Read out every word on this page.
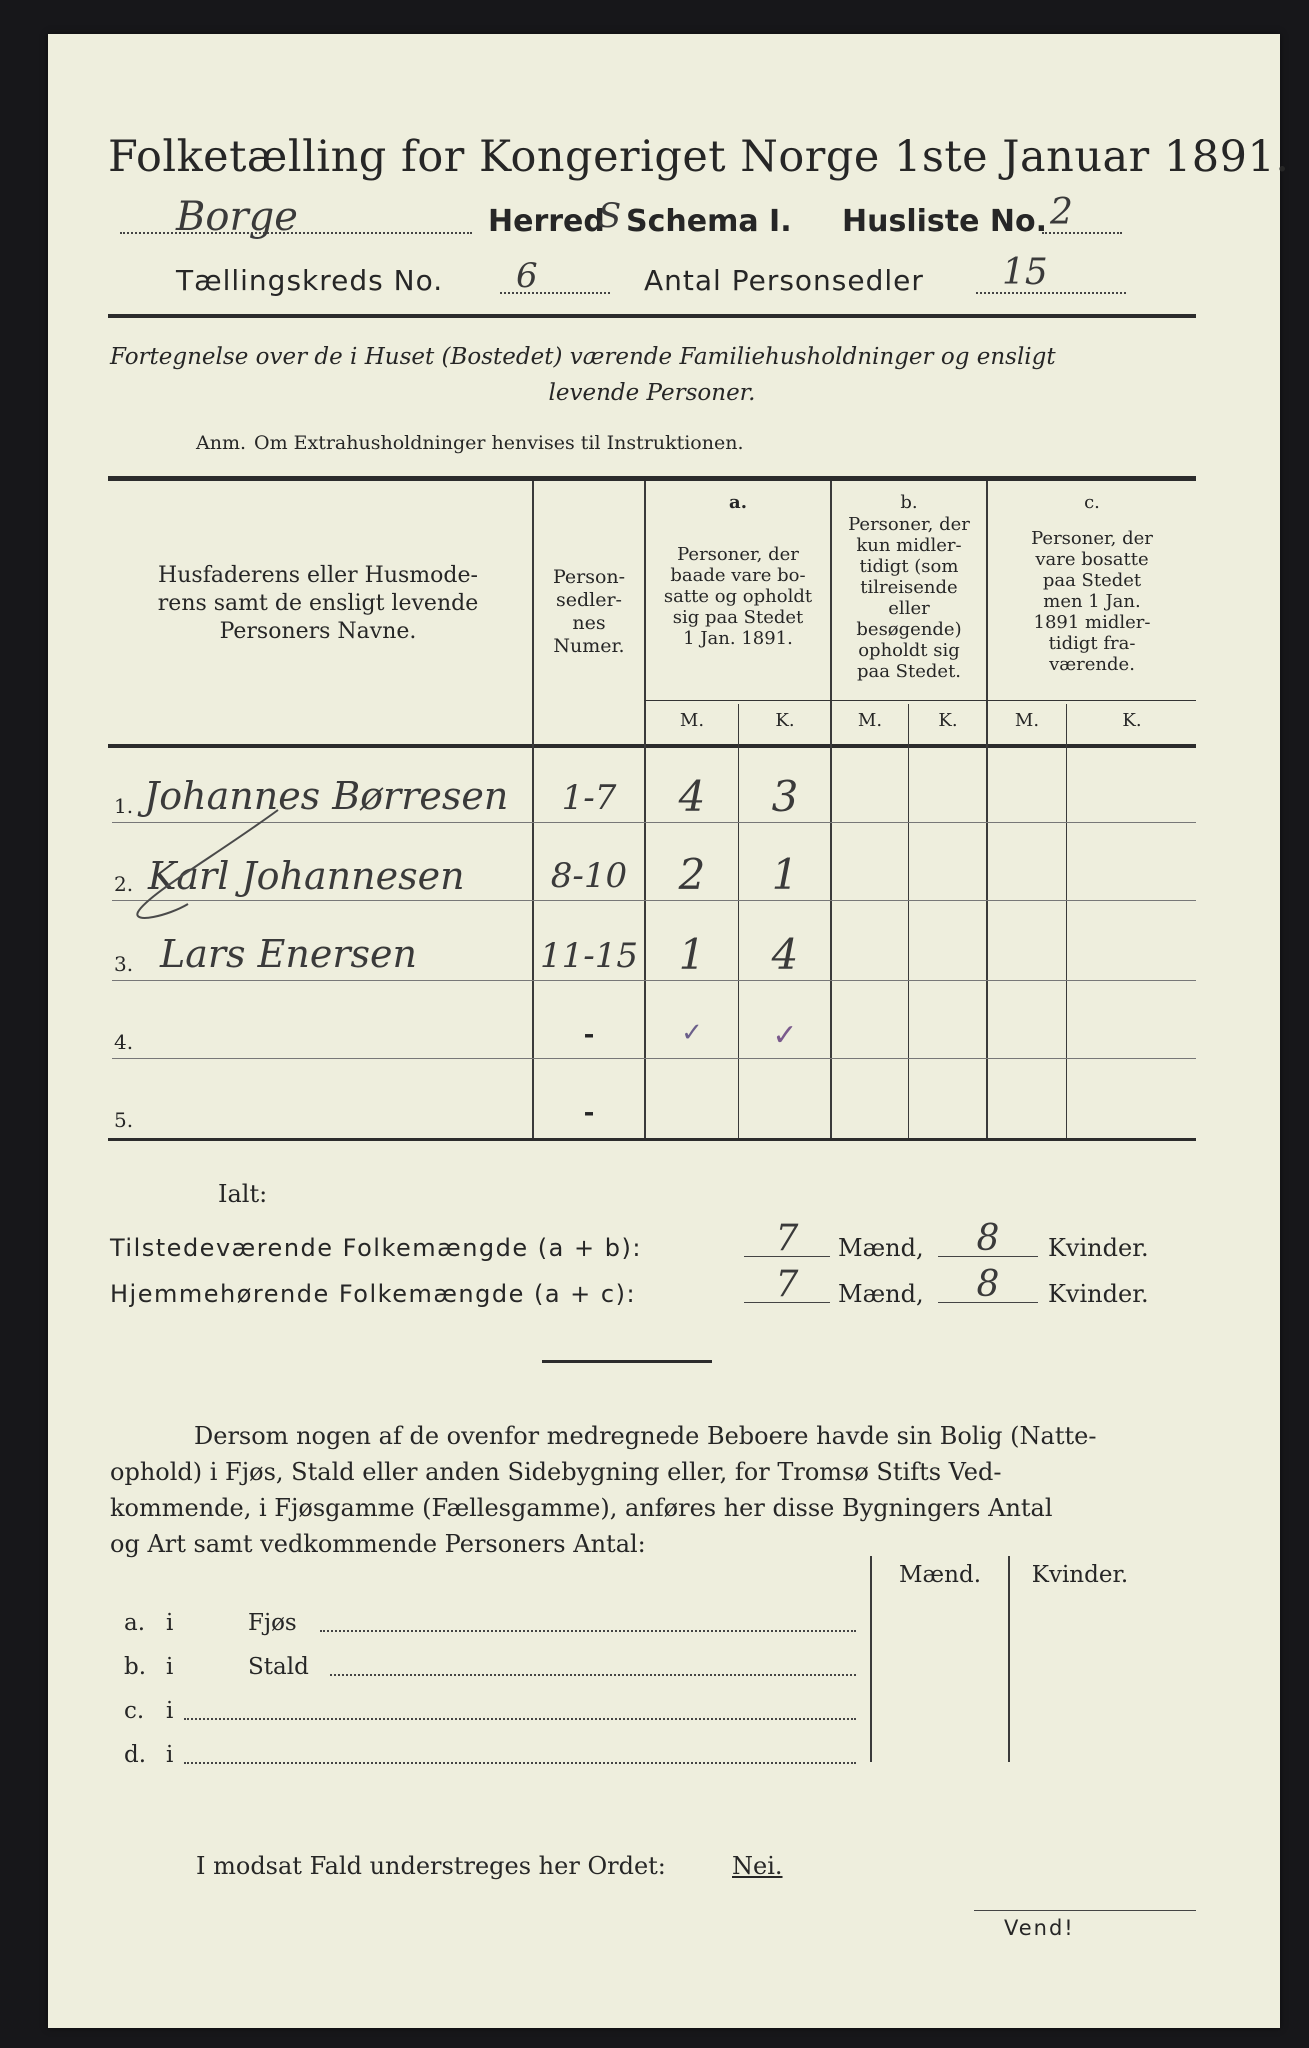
Folketælling for Kongeriget Norge 1ste Januar 1891.
Borge	Herred
S Schema I. Husliste No. 2
Tællingskreds No. 6	Antal Personsedler 15
Fortegnelse over de i Huset (Bostedet) værende Familiehusholdninger og ensligt
levende Personer.
Anm. Om Extrahusholdninger henvises til Instruktionen.
Husfaderens eller Husmode-
rens samt de ensligt levende
Personers Navne.
Person-
sedler-
nes
Numer.
a.
Personer, der
baade vare bo-
satte og opholdt
sig paa Stedet
1 Jan. 1891.
b.
Personer, der
kun midler-
tidigt (som
tilreisende
eller
besøgende)
opholdt sig
paa Stedet.
c.
Personer, der
vare bosatte
paa Stedet
men 1 Jan.
1891 midler-
tidigt fra-
værende.
M.	K.	M.	K.	M.	K.
1. Johannes Børresen	1-7	4	3
2. Karl Johannesen	8-10	2	1
3. Lars Enersen	11-15 1	4
4.	-	✓	✓
5.	-
Ialt:
Tilstedeværende Folkemængde (a + b):	7	Mænd,	8	Kvinder.
Hjemmehørende Folkemængde (a + c):	7	Mænd,	8	Kvinder.
Dersom nogen af de ovenfor medregnede Beboere havde sin Bolig (Natte-
ophold) i Fjøs, Stald eller anden Sidebygning eller, for Tromsø Stifts Ved-
kommende, i Fjøsgamme (Fællesgamme), anføres her disse Bygningers Antal
og Art samt vedkommende Personers Antal:
Mænd.	Kvinder.
a. i	Fjøs
b. i	Stald
c. i
d. i
I modsat Fald understreges her Ordet:	Nei.
Vend!
